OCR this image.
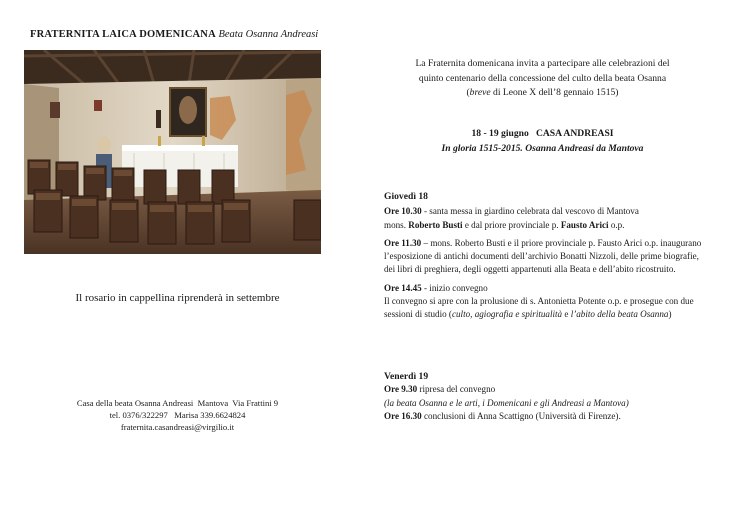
FRATERNITA LAICA DOMENICANA Beata Osanna Andreasi
Il rosario in cappellina riprenderà in settembre
Casa della beata Osanna Andreasi  Mantova  Via Frattini 9
tel. 0376/322297   Marisa 339.6624824
fraternita.casandreasi@virgilio.it
La Fraternita domenicana invita a partecipare alle celebrazioni del
quinto centenario della concessione del culto della beata Osanna
(breve di Leone X dell’8 gennaio 1515)
18 - 19 giugno   CASA ANDREASI
In gloria 1515-2015. Osanna Andreasi da Mantova
Giovedì 18

Ore 10.30 - santa messa in giardino celebrata dal vescovo di Mantova
mons. Roberto Busti e dal priore provinciale p. Fausto Arici o.p.

Ore 11.30 – mons. Roberto Busti e il priore provinciale p. Fausto Arici o.p. inaugurano l’esposizione di antichi documenti dell’archivio Bonatti Nizzoli, delle prime biografie, dei libri di preghiera, degli oggetti appartenuti alla Beata e dell’abito ricostruito.

Ore 14.45 - inizio convegno
Il convegno si apre con la prolusione di s. Antonietta Potente o.p. e prosegue con due sessioni di studio (culto, agiografia e spiritualità e l’abito della beata Osanna)

Venerdì 19

Ore 9.30 ripresa del convegno
(la beata Osanna e le arti, i Domenicani e gli Andreasi a Mantova)

Ore 16.30 conclusioni di Anna Scattigno (Università di Firenze).
